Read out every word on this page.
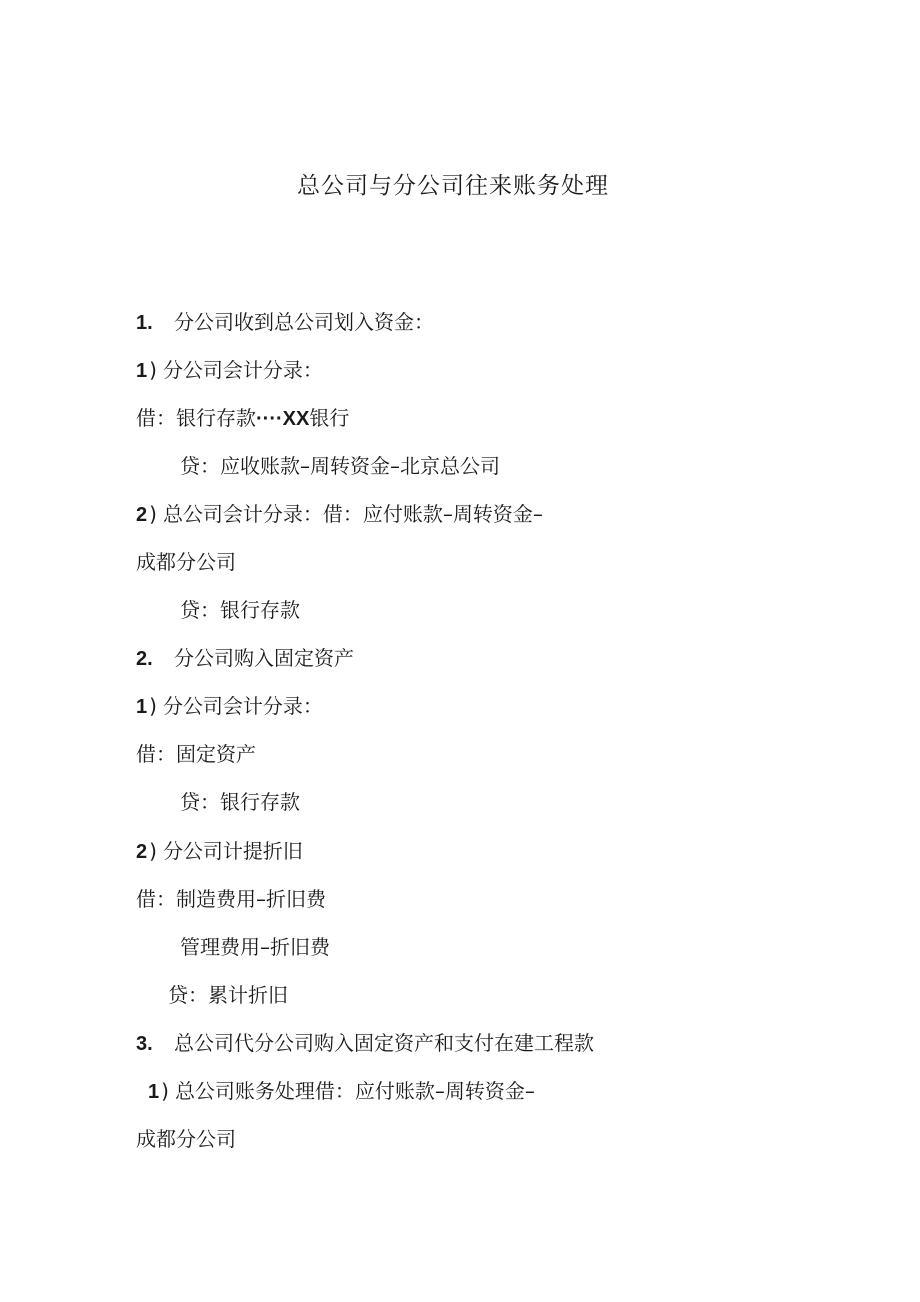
总公司与分公司往来账务处理
1. 分公司收到总公司划入资金：
1 ) 分公司会计分录：
借：银行存款····XX银行
贷：应收账款–周转资金–北京总公司
2 ) 总公司会计分录：借：应付账款–周转资金–
成都分公司
贷：银行存款
2. 分公司购入固定资产
1 ) 分公司会计分录：
借：固定资产
贷：银行存款
2 ) 分公司计提折旧
借：制造费用–折旧费
管理费用–折旧费
贷：累计折旧
3. 总公司代分公司购入固定资产和支付在建工程款
1 ) 总公司账务处理借：应付账款–周转资金–
成都分公司
